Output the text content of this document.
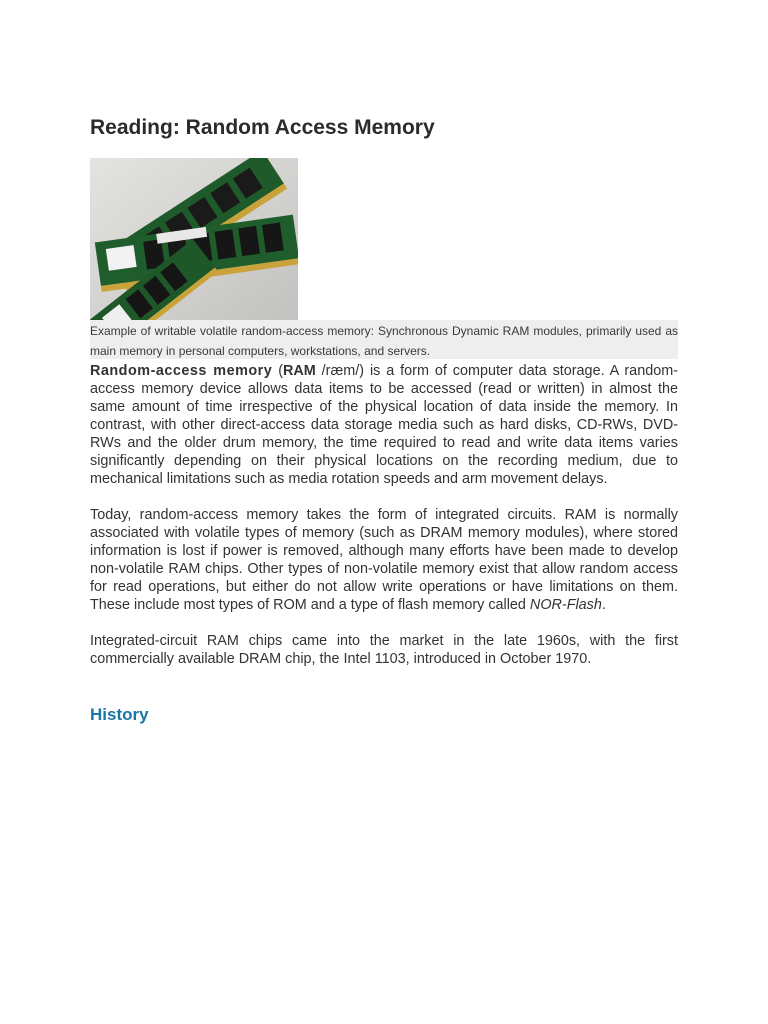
Reading: Random Access Memory
Example of writable volatile random-access memory: Synchronous Dynamic RAM modules, primarily used as main memory in personal computers, workstations, and servers.

Random-access memory (RAM /ræm/) is a form of computer data storage. A random-access memory device allows data items to be accessed (read or written) in almost the same amount of time irrespective of the physical location of data inside the memory. In contrast, with other direct-access data storage media such as hard disks, CD-RWs, DVD-RWs and the older drum memory, the time required to read and write data items varies significantly depending on their physical locations on the recording medium, due to mechanical limitations such as media rotation speeds and arm movement delays.

Today, random-access memory takes the form of integrated circuits. RAM is normally associated with volatile types of memory (such as DRAM memory modules), where stored information is lost if power is removed, although many efforts have been made to develop non-volatile RAM chips. Other types of non-volatile memory exist that allow random access for read operations, but either do not allow write operations or have limitations on them. These include most types of ROM and a type of flash memory called NOR-Flash.

Integrated-circuit RAM chips came into the market in the late 1960s, with the first commercially available DRAM chip, the Intel 1103, introduced in October 1970.

History
